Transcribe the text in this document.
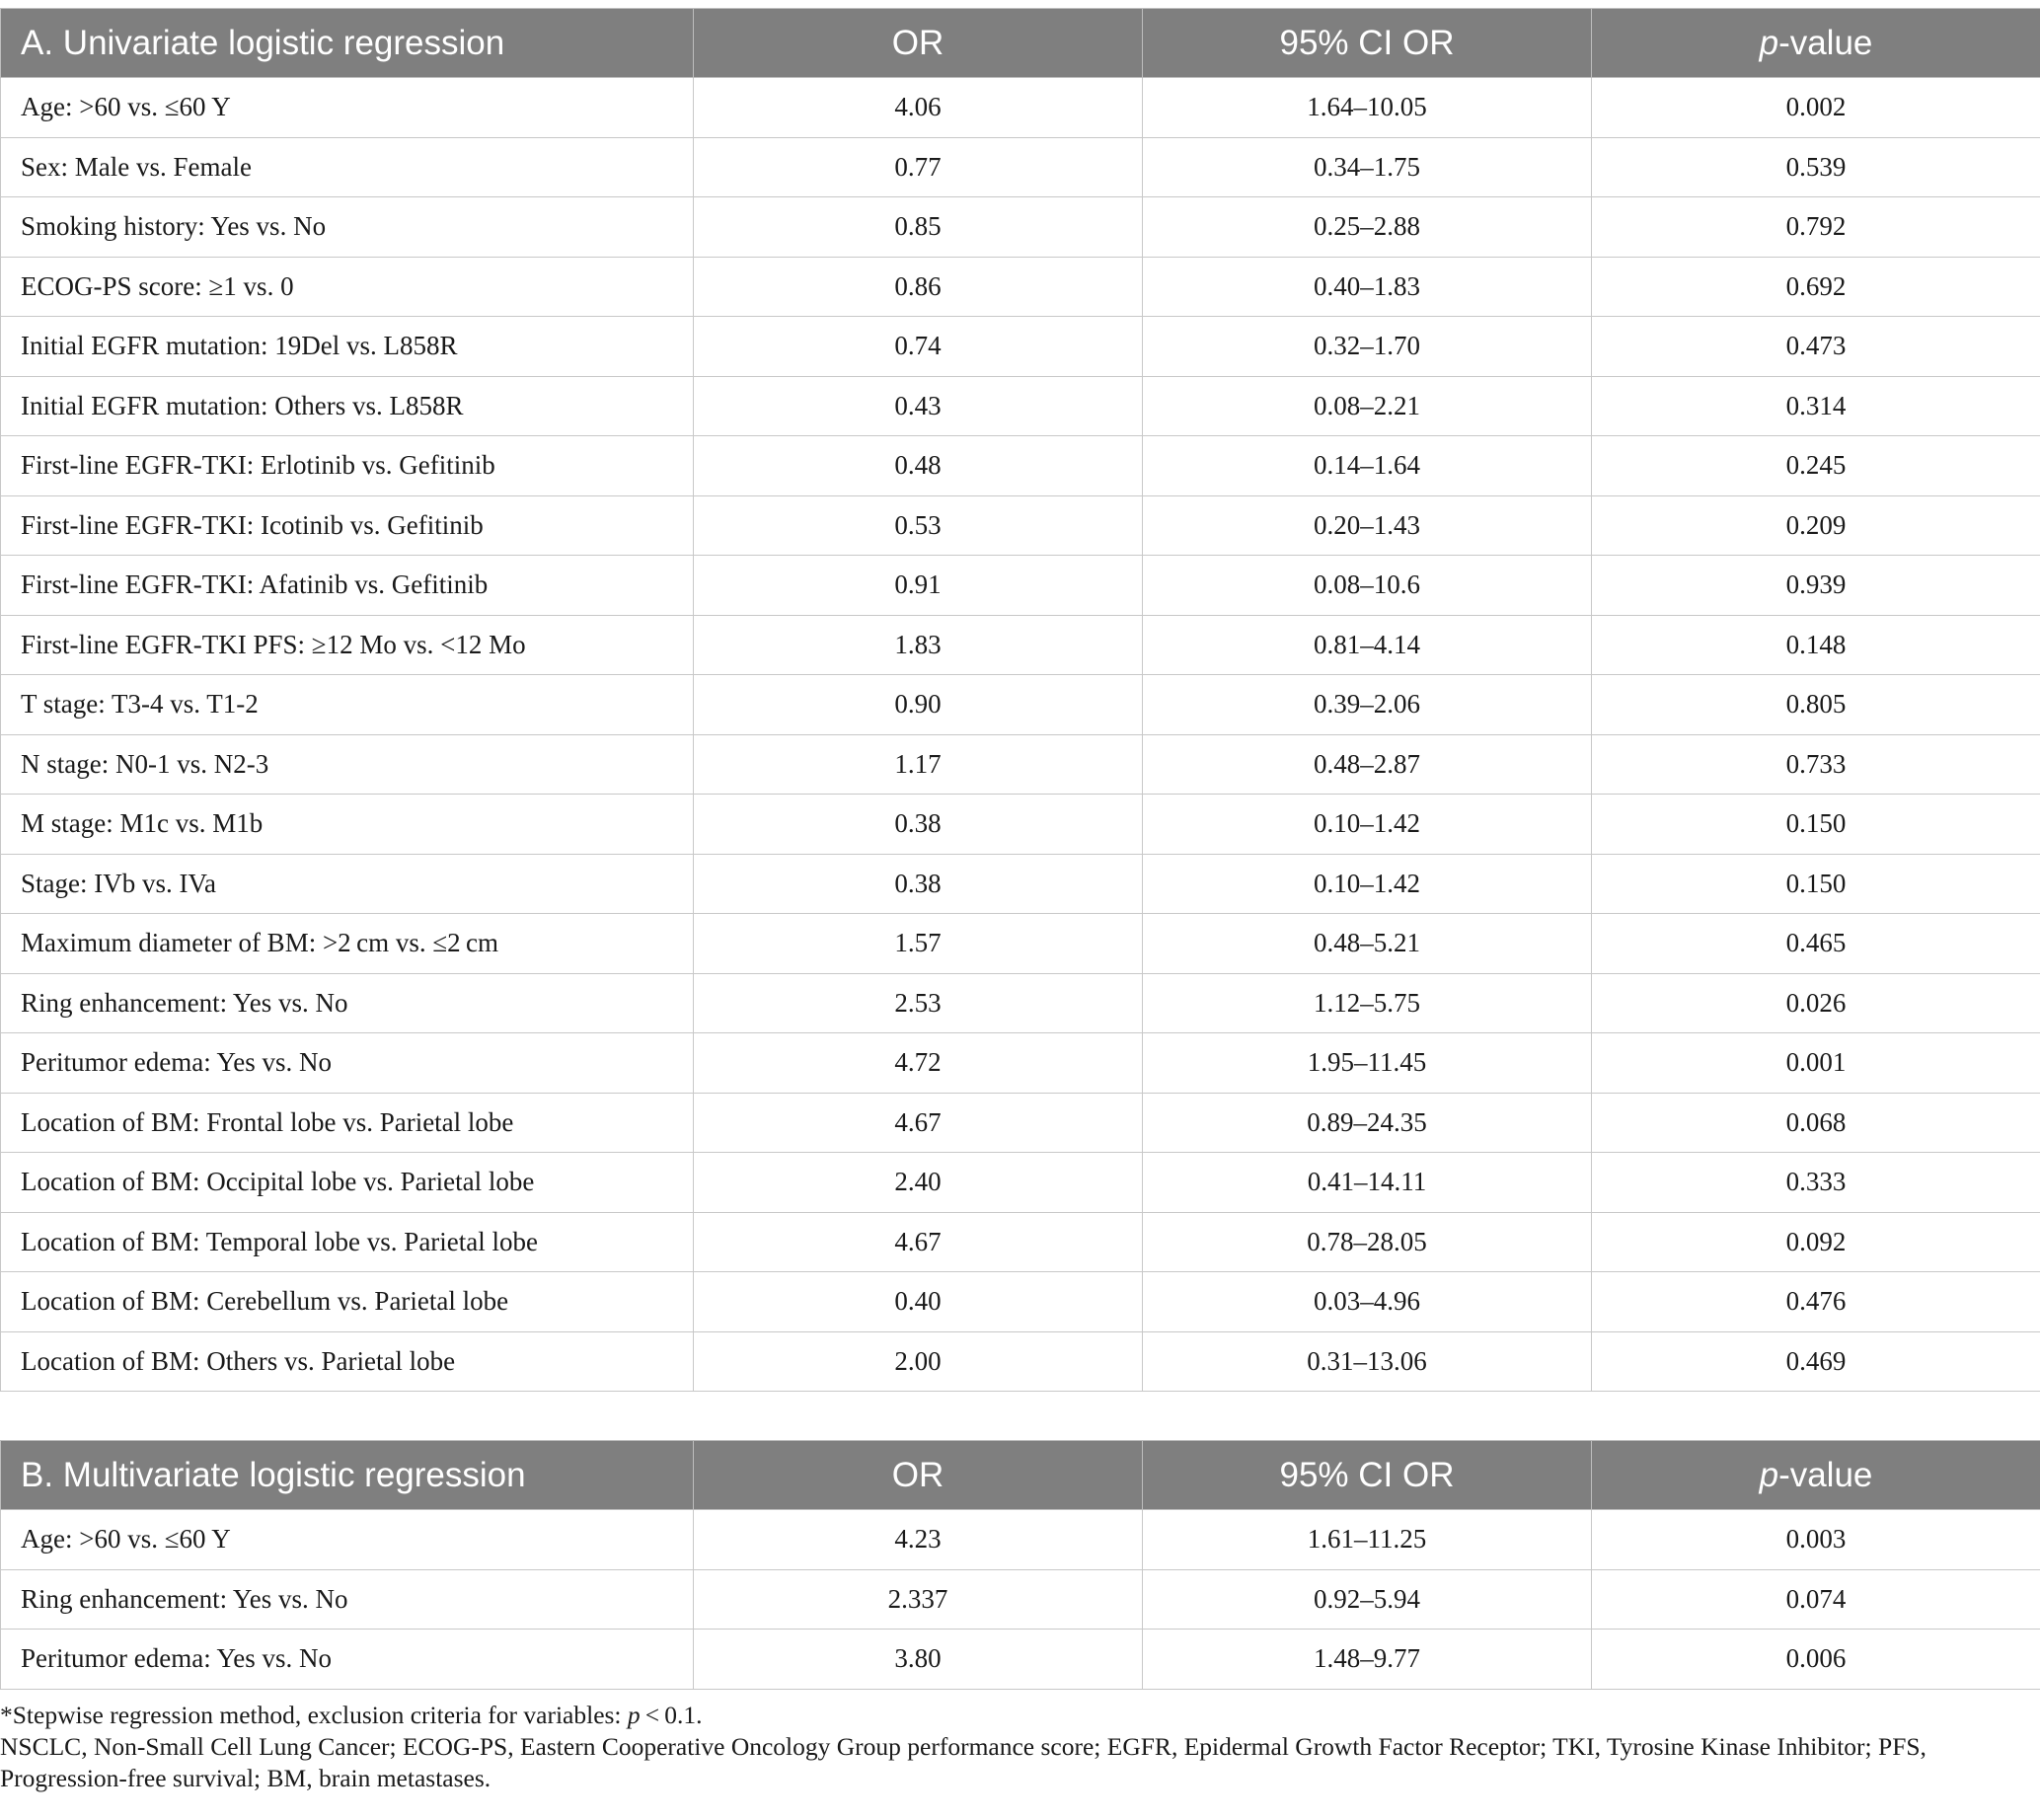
A. Univariate logistic regression	OR	95% CI OR	p-value
Age: >60 vs. ≤60 Y	4.06	1.64–10.05	0.002
Sex: Male vs. Female	0.77	0.34–1.75	0.539
Smoking history: Yes vs. No	0.85	0.25–2.88	0.792
ECOG-PS score: ≥1 vs. 0	0.86	0.40–1.83	0.692
Initial EGFR mutation: 19Del vs. L858R	0.74	0.32–1.70	0.473
Initial EGFR mutation: Others vs. L858R	0.43	0.08–2.21	0.314
First-line EGFR-TKI: Erlotinib vs. Gefitinib	0.48	0.14–1.64	0.245
First-line EGFR-TKI: Icotinib vs. Gefitinib	0.53	0.20–1.43	0.209
First-line EGFR-TKI: Afatinib vs. Gefitinib	0.91	0.08–10.6	0.939
First-line EGFR-TKI PFS: ≥12 Mo vs. <12 Mo	1.83	0.81–4.14	0.148
T stage: T3-4 vs. T1-2	0.90	0.39–2.06	0.805
N stage: N0-1 vs. N2-3	1.17	0.48–2.87	0.733
M stage: M1c vs. M1b	0.38	0.10–1.42	0.150
Stage: IVb vs. IVa	0.38	0.10–1.42	0.150
Maximum diameter of BM: >2 cm vs. ≤2 cm	1.57	0.48–5.21	0.465
Ring enhancement: Yes vs. No	2.53	1.12–5.75	0.026
Peritumor edema: Yes vs. No	4.72	1.95–11.45	0.001
Location of BM: Frontal lobe vs. Parietal lobe	4.67	0.89–24.35	0.068
Location of BM: Occipital lobe vs. Parietal lobe	2.40	0.41–14.11	0.333
Location of BM: Temporal lobe vs. Parietal lobe	4.67	0.78–28.05	0.092
Location of BM: Cerebellum vs. Parietal lobe	0.40	0.03–4.96	0.476
Location of BM: Others vs. Parietal lobe	2.00	0.31–13.06	0.469
B. Multivariate logistic regression	OR	95% CI OR	p-value
Age: >60 vs. ≤60 Y	4.23	1.61–11.25	0.003
Ring enhancement: Yes vs. No	2.337	0.92–5.94	0.074
Peritumor edema: Yes vs. No	3.80	1.48–9.77	0.006

*Stepwise regression method, exclusion criteria for variables: p < 0.1.

NSCLC, Non-Small Cell Lung Cancer; ECOG-PS, Eastern Cooperative Oncology Group performance score; EGFR, Epidermal Growth Factor Receptor; TKI, Tyrosine Kinase Inhibitor; PFS, Progression-free survival; BM, brain metastases.
